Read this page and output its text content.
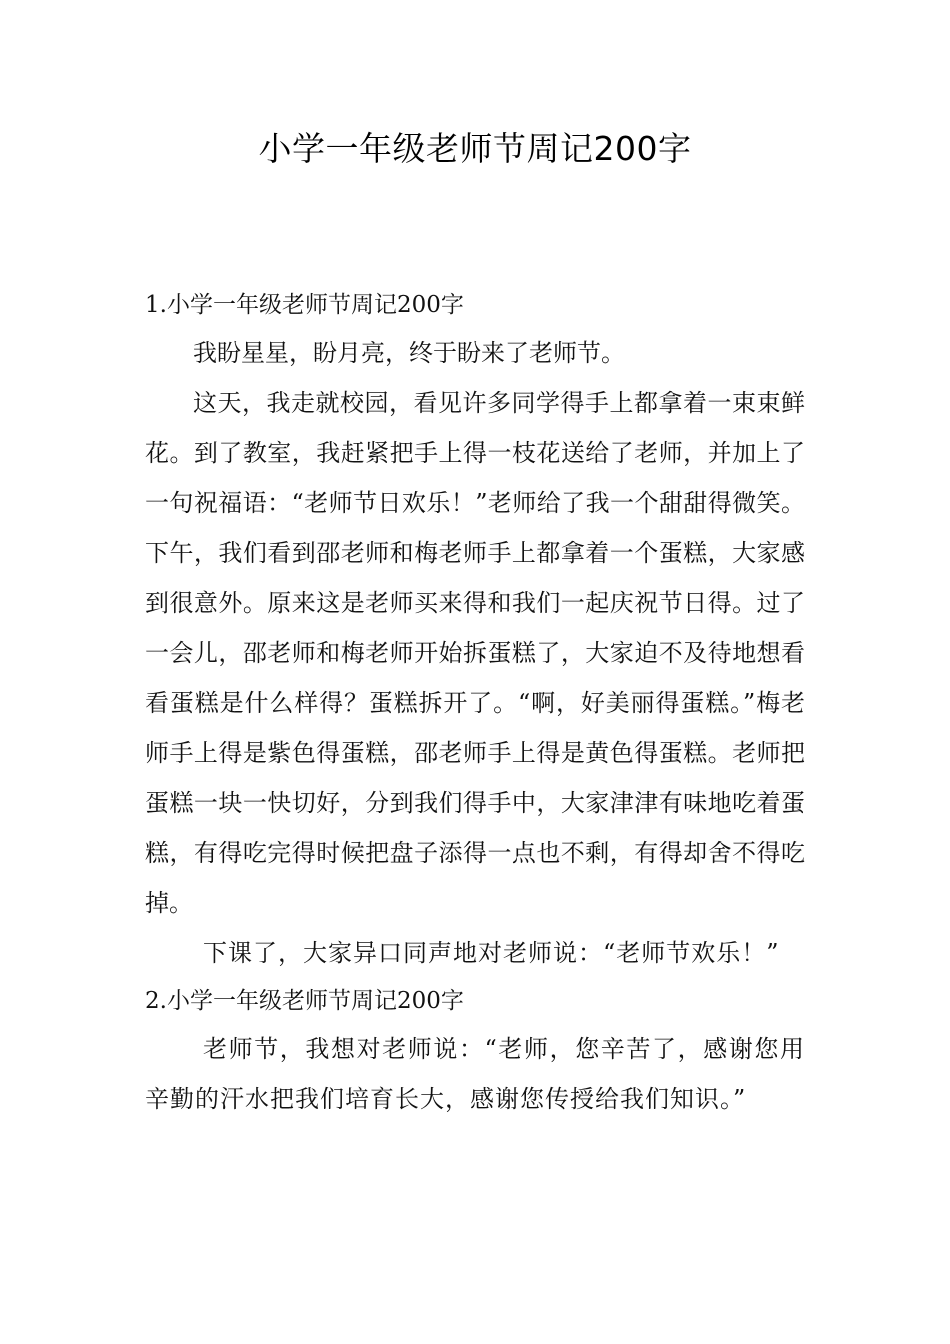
小学一年级老师节周记200字
1.小学一年级老师节周记200字

我盼星星，盼月亮，终于盼来了老师节。

这天，我走就校园，看见许多同学得手上都拿着一束束鲜花。到了教室，我赶紧把手上得一枝花送给了老师，并加上了一句祝福语：“老师节日欢乐！”老师给了我一个甜甜得微笑。下午，我们看到邵老师和梅老师手上都拿着一个蛋糕，大家感到很意外。原来这是老师买来得和我们一起庆祝节日得。过了一会儿，邵老师和梅老师开始拆蛋糕了，大家迫不及待地想看看蛋糕是什么样得？蛋糕拆开了。“啊，好美丽得蛋糕。”梅老师手上得是紫色得蛋糕，邵老师手上得是黄色得蛋糕。老师把蛋糕一块一快切好，分到我们得手中，大家津津有味地吃着蛋糕，有得吃完得时候把盘子添得一点也不剩，有得却舍不得吃掉。

下课了，大家异口同声地对老师说：“老师节欢乐！”

2.小学一年级老师节周记200字

老师节，我想对老师说：“老师，您辛苦了，感谢您用辛勤的汗水把我们培育长大，感谢您传授给我们知识。”
